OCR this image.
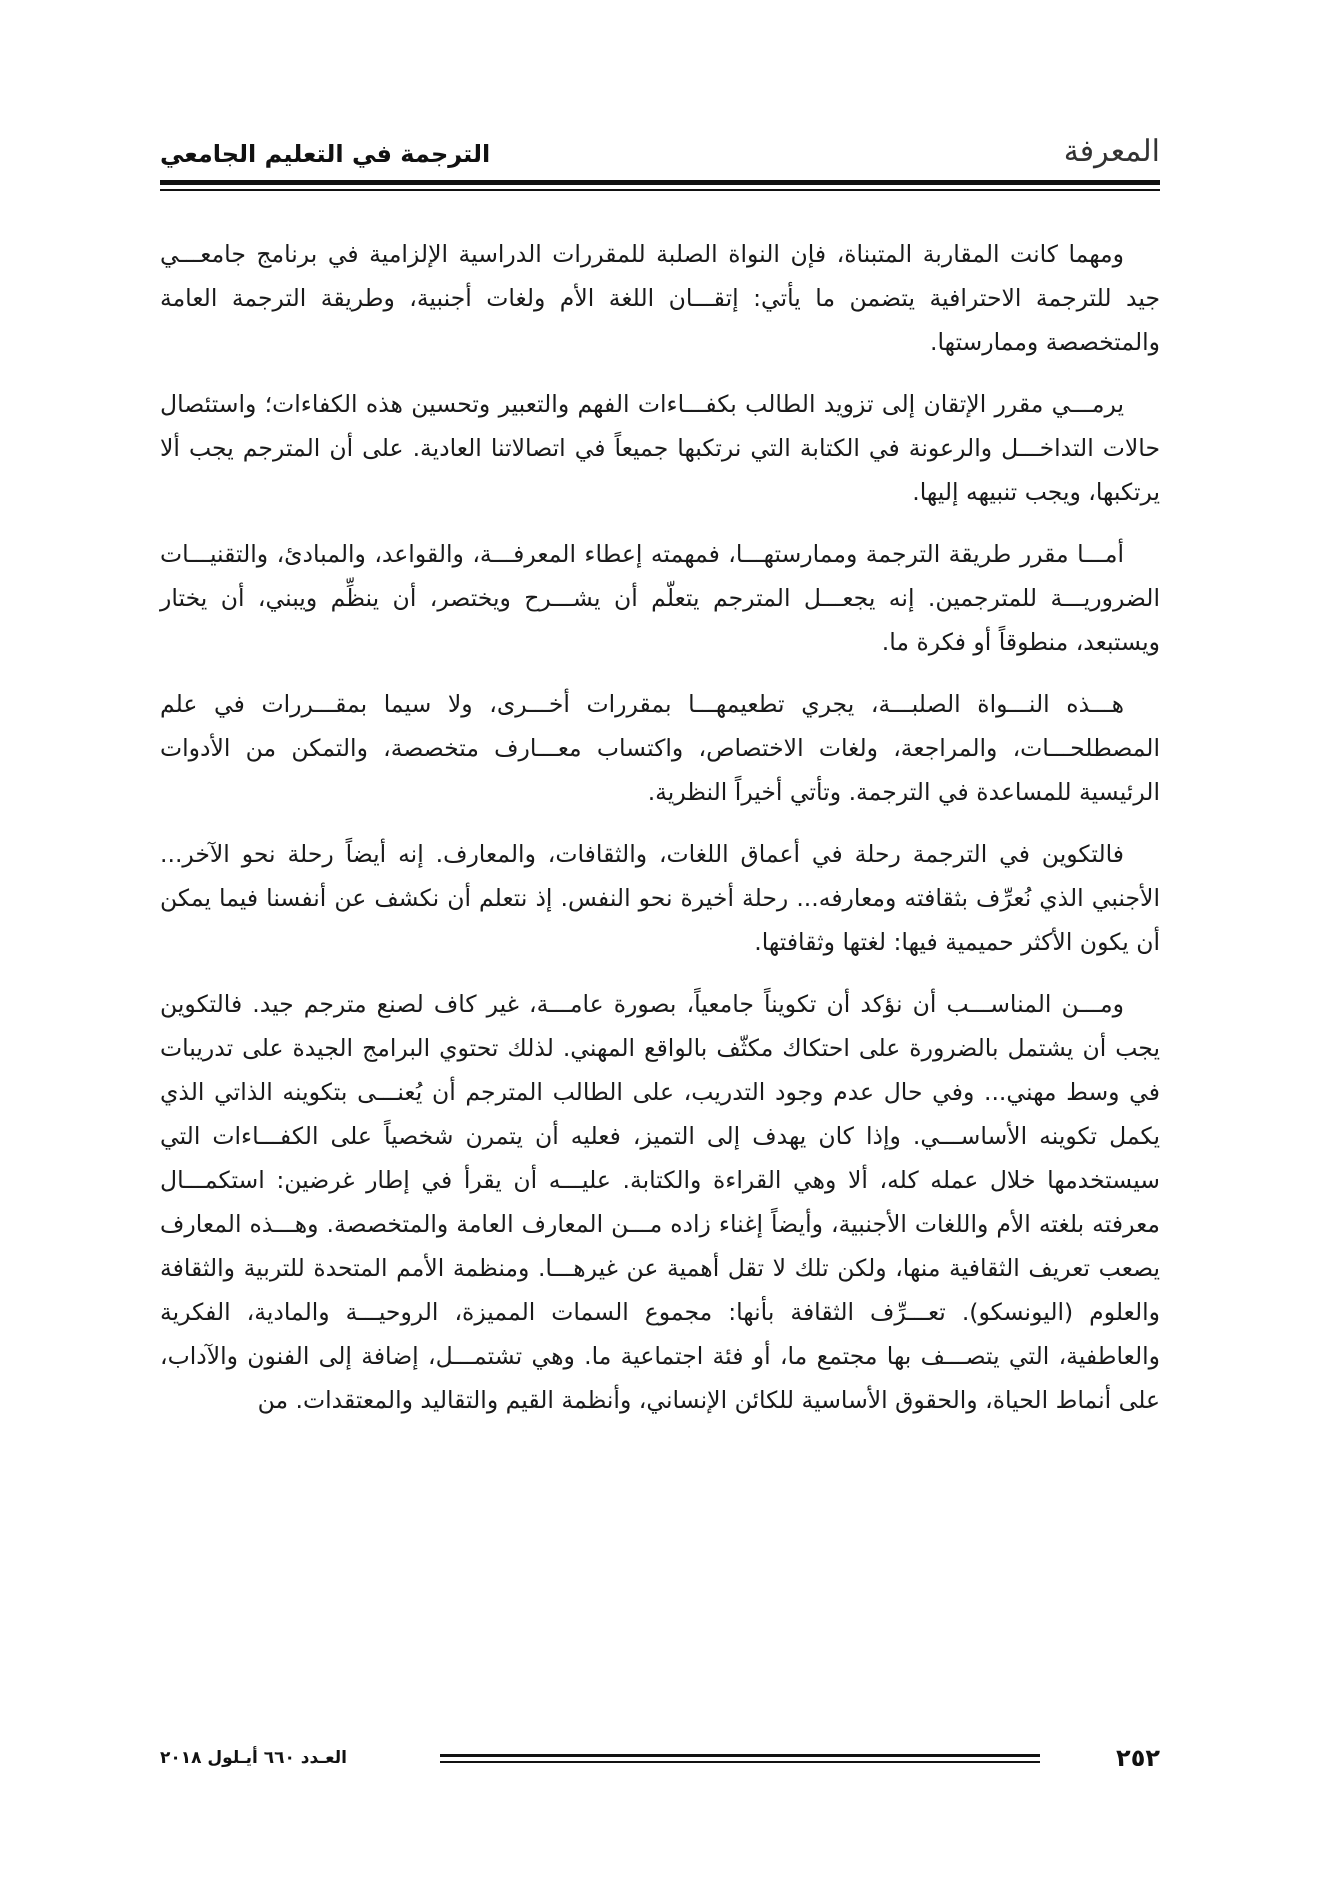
المعرفة
الترجمة في التعليم الجامعي

ومهما كانت المقاربة المتبناة، فإن النواة الصلبة للمقررات الدراسية الإلزامية في برنامج جامعـــي جيد للترجمة الاحترافية يتضمن ما يأتي: إتقـــان اللغة الأم ولغات أجنبية، وطريقة الترجمة العامة والمتخصصة وممارستها.

يرمـــي مقرر الإتقان إلى تزويد الطالب بكفـــاءات الفهم والتعبير وتحسين هذه الكفاءات؛ واستئصال حالات التداخـــل والرعونة في الكتابة التي نرتكبها جميعاً في اتصالاتنا العادية. على أن المترجم يجب ألا يرتكبها، ويجب تنبيهه إليها.

أمـــا مقرر طريقة الترجمة وممارستهـــا، فمهمته إعطاء المعرفـــة، والقواعد، والمبادئ، والتقنيـــات الضروريـــة للمترجمين. إنه يجعـــل المترجم يتعلّم أن يشـــرح ويختصر، أن ينظِّم ويبني، أن يختار ويستبعد، منطوقاً أو فكرة ما.

هـــذه النـــواة الصلبـــة، يجري تطعيمهـــا بمقررات أخـــرى، ولا سيما بمقـــررات في علم المصطلحـــات، والمراجعة، ولغات الاختصاص، واكتساب معـــارف متخصصة، والتمكن من الأدوات الرئيسية للمساعدة في الترجمة. وتأتي أخيراً النظرية.

فالتكوين في الترجمة رحلة في أعماق اللغات، والثقافات، والمعارف. إنه أيضاً رحلة نحو الآخر... الأجنبي الذي نُعرِّف بثقافته ومعارفه... رحلة أخيرة نحو النفس. إذ نتعلم أن نكشف عن أنفسنا فيما يمكن أن يكون الأكثر حميمية فيها: لغتها وثقافتها.

ومـــن المناســـب أن نؤكد أن تكويناً جامعياً، بصورة عامـــة، غير كاف لصنع مترجم جيد. فالتكوين يجب أن يشتمل بالضرورة على احتكاك مكثّف بالواقع المهني. لذلك تحتوي البرامج الجيدة على تدريبات في وسط مهني... وفي حال عدم وجود التدريب، على الطالب المترجم أن يُعنـــى بتكوينه الذاتي الذي يكمل تكوينه الأساســـي. وإذا كان يهدف إلى التميز، فعليه أن يتمرن شخصياً على الكفـــاءات التي سيستخدمها خلال عمله كله، ألا وهي القراءة والكتابة. عليـــه أن يقرأ في إطار غرضين: استكمـــال معرفته بلغته الأم واللغات الأجنبية، وأيضاً إغناء زاده مـــن المعارف العامة والمتخصصة. وهـــذه المعارف يصعب تعريف الثقافية منها، ولكن تلك لا تقل أهمية عن غيرهـــا. ومنظمة الأمم المتحدة للتربية والثقافة والعلوم (اليونسكو). تعـــرِّف الثقافة بأنها: مجموع السمات المميزة، الروحيـــة والمادية، الفكرية والعاطفية، التي يتصـــف بها مجتمع ما، أو فئة اجتماعية ما. وهي تشتمـــل، إضافة إلى الفنون والآداب، على أنماط الحياة، والحقوق الأساسية للكائن الإنساني، وأنظمة القيم والتقاليد والمعتقدات. من

٢٥٢
العـدد ٦٦٠ أيـلول ٢٠١٨
